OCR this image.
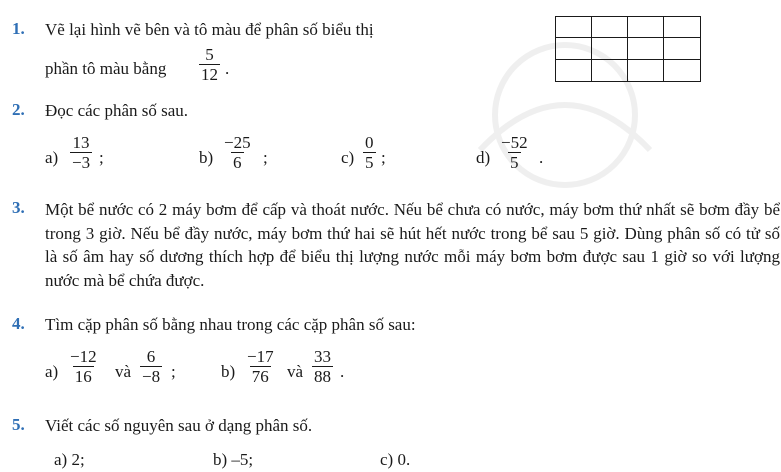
1. Vẽ lại hình vẽ bên và tô màu để phân số biểu thị
phần tô màu bằng $\frac{5}{12}$ .
2. Đọc các phân số sau.
$a) \frac{13}{-3}$ ;	$b) \frac{-25}{6}$ ;	$c) \frac{0}{5}$ ;	$d) \frac{-52}{5}$ .
3. Một bể nước có 2 máy bơm để cấp và thoát nước. Nếu bể chưa có nước, máy bơm thứ nhất sẽ bơm đầy bể trong 3 giờ. Nếu bể đầy nước, máy bơm thứ hai sẽ hút hết nước trong bể sau 5 giờ. Dùng phân số có tử số là số âm hay số dương thích hợp để biểu thị lượng nước mỗi máy bơm bơm được sau 1 giờ so với lượng nước mà bể chứa được.
4. Tìm cặp phân số bằng nhau trong các cặp phân số sau:
$a) \frac{-12}{16}$ và $\frac{6}{-8}$ ;	$b) \frac{-17}{76}$ và $\frac{33}{88}$ .
5. Viết các số nguyên sau ở dạng phân số.
a) 2;	b) –5;	c) 0.
